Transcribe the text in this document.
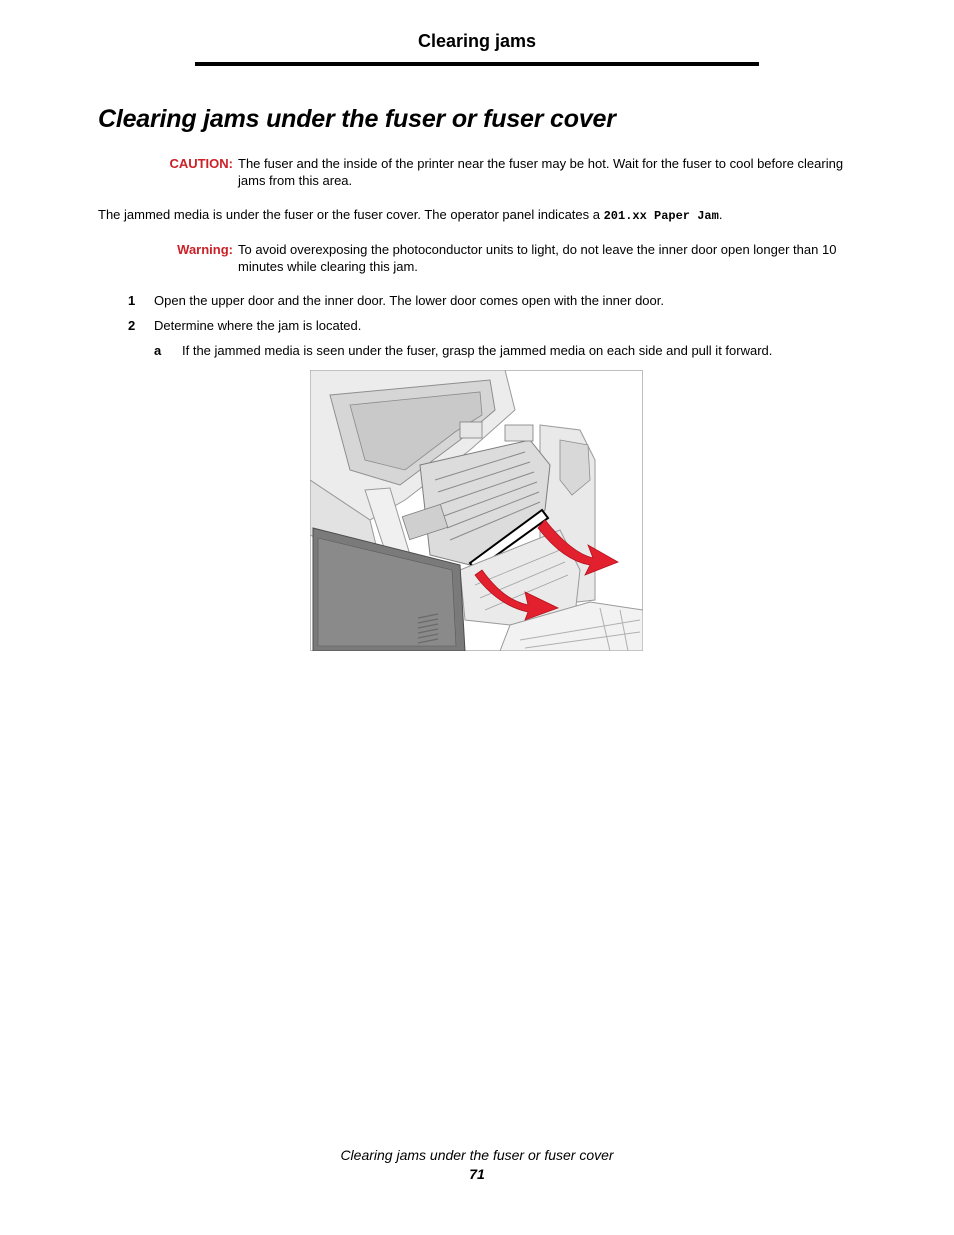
Clearing jams
Clearing jams under the fuser or fuser cover
CAUTION: The fuser and the inside of the printer near the fuser may be hot. Wait for the fuser to cool before clearing jams from this area.
The jammed media is under the fuser or the fuser cover. The operator panel indicates a 201.xx Paper Jam.
Warning: To avoid overexposing the photoconductor units to light, do not leave the inner door open longer than 10 minutes while clearing this jam.
1 Open the upper door and the inner door. The lower door comes open with the inner door.
2 Determine where the jam is located.
a If the jammed media is seen under the fuser, grasp the jammed media on each side and pull it forward.
Clearing jams under the fuser or fuser cover
71
